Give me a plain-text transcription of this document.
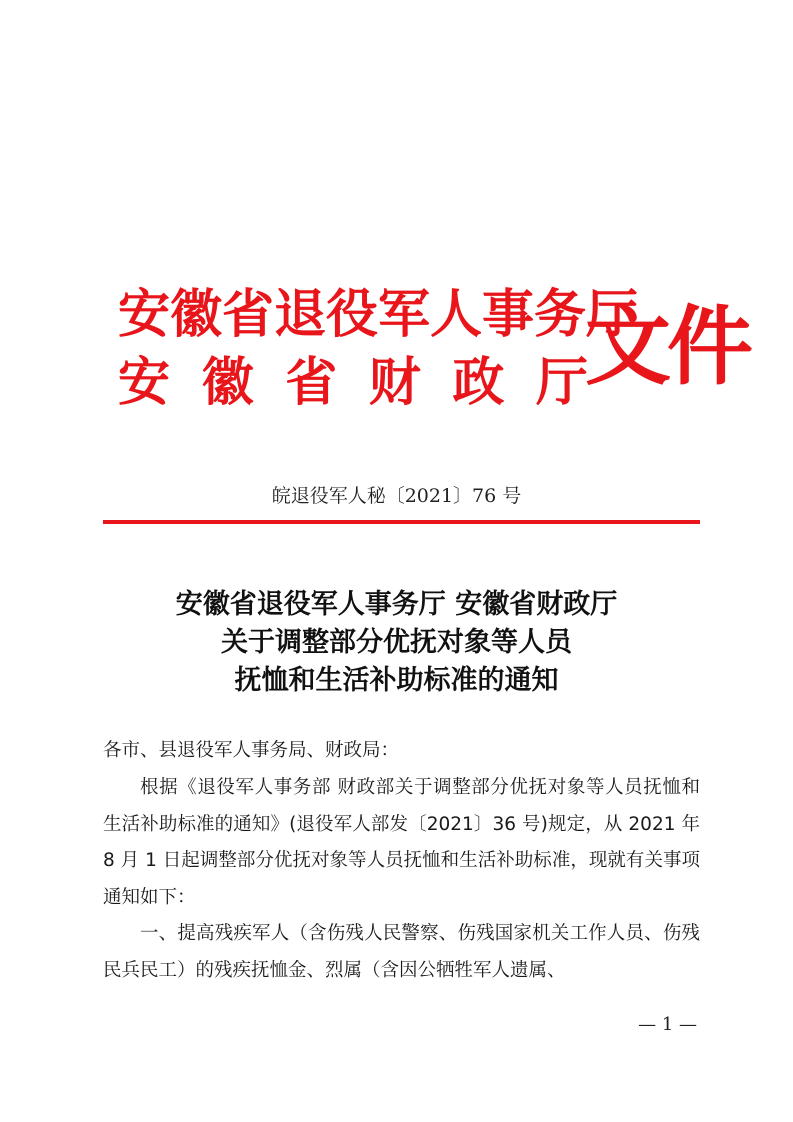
安徽省退役军人事务厅
安 徽 省 财 政 厅
文件
皖退役军人秘〔2021〕76 号
安徽省退役军人事务厅 安徽省财政厅
关于调整部分优抚对象等人员
抚恤和生活补助标准的通知
各市、县退役军人事务局、财政局：
根据《退役军人事务部 财政部关于调整部分优抚对象等人员抚恤和生活补助标准的通知》(退役军人部发〔2021〕36 号)规定，从 2021 年 8 月 1 日起调整部分优抚对象等人员抚恤和生活补助标准，现就有关事项通知如下：
一、提高残疾军人（含伤残人民警察、伤残国家机关工作人员、伤残民兵民工）的残疾抚恤金、烈属（含因公牺牲军人遗属、
— 1 —
